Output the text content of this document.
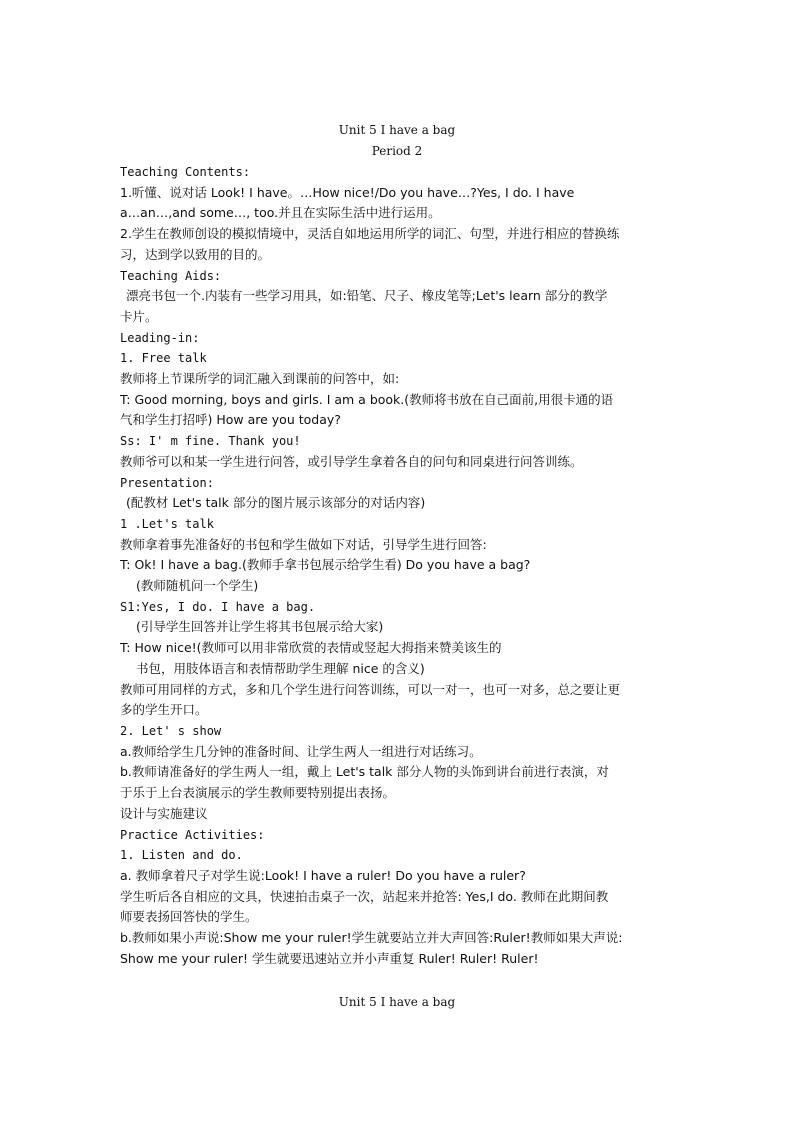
Unit 5 I have a bag
Period 2

Teaching Contents:

1.听懂、说对话 Look! I have。…How nice!/Do you have…?Yes, I do. I have

a…an…,and some…, too.并且在实际生活中进行运用。

2.学生在教师创设的模拟情境中，灵活自如地运用所学的词汇、句型，并进行相应的替换练

习，达到学以致用的目的。

Teaching Aids:

漂亮书包一个.内装有一些学习用具，如:铅笔、尺子、橡皮笔等;Let's learn 部分的教学

卡片。

Leading-in:

1. Free talk

教师将上节课所学的词汇融入到课前的问答中，如:

T: Good morning, boys and girls. I am a book.(教师将书放在自己面前,用很卡通的语

气和学生打招呼) How are you today?

Ss: I' m fine. Thank you!

教师爷可以和某一学生进行问答，或引导学生拿着各自的问句和同桌进行问答训练。

Presentation:

(配教材 Let's talk 部分的图片展示该部分的对话内容)

1 .Let's talk

教师拿着事先准备好的书包和学生做如下对话，引导学生进行回答:

T: Ok! I have a bag.(教师手拿书包展示给学生看) Do you have a bag?

(教师随机问一个学生)

S1:Yes, I do. I have a bag.

(引导学生回答并让学生将其书包展示给大家)

T: How nice!(教师可以用非常欣赏的表情或竖起大拇指来赞美该生的

书包，用肢体语言和表情帮助学生理解 nice 的含义)

教师可用同样的方式，多和几个学生进行问答训练，可以一对一，也可一对多，总之要让更

多的学生开口。

2. Let' s show

a.教师给学生几分钟的准备时间、让学生两人一组进行对话练习。

b.教师请准备好的学生两人一组，戴上 Let's talk 部分人物的头饰到讲台前进行表演，对

于乐于上台表演展示的学生教师要特别提出表扬。

设计与实施建议

Practice Activities:

1. Listen and do.

a. 教师拿着尺子对学生说:Look! I have a ruler! Do you have a ruler?

学生听后各自相应的文具，快速拍击桌子一次，站起来并抢答: Yes,I do. 教师在此期间教

师要表扬回答快的学生。

b.教师如果小声说:Show me your ruler!学生就要站立并大声回答:Ruler!教师如果大声说:

Show me your ruler! 学生就要迅速站立并小声重复 Ruler! Ruler! Ruler!

Unit 5 I have a bag
